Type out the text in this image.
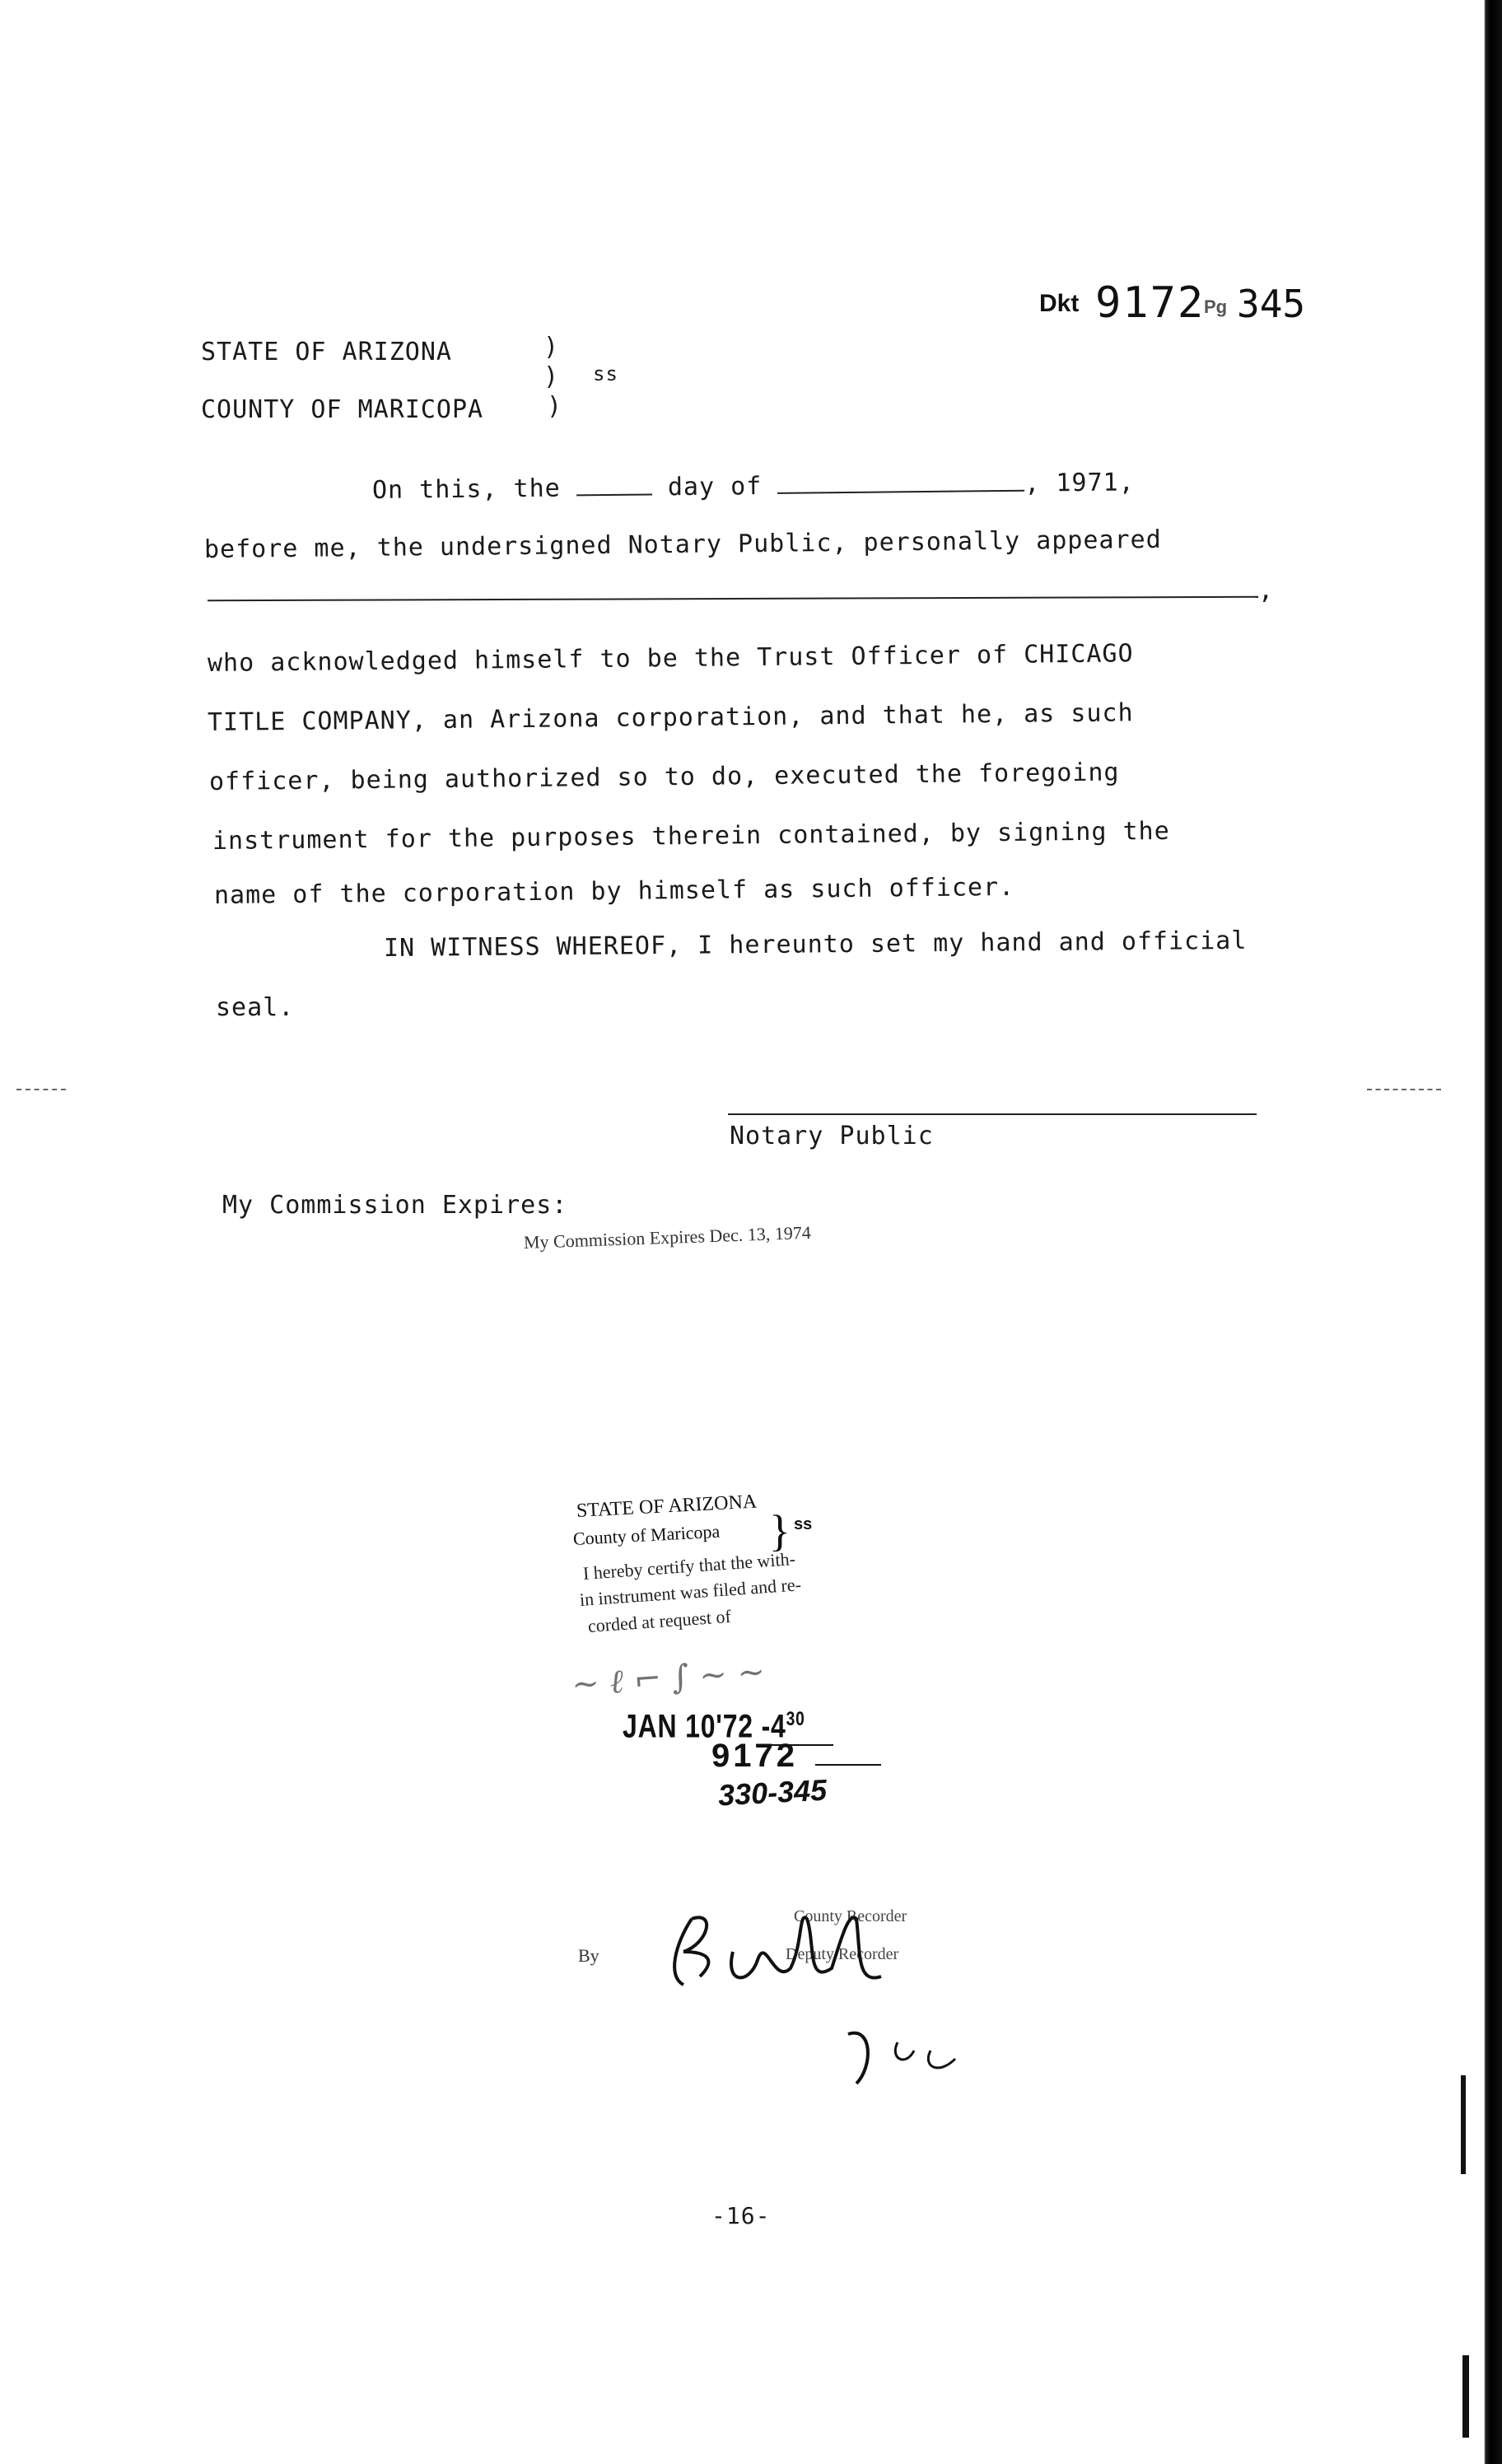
Dkt 9172
Pg 345
STATE OF ARIZONA	)
) ss
COUNTY OF MARICOPA	)
On this, the	day of	, 1971,
before me, the undersigned Notary Public, personally appeared
,
who acknowledged himself to be the Trust Officer of CHICAGO
TITLE COMPANY, an Arizona corporation, and that he, as such
officer, being authorized so to do, executed the foregoing
instrument for the purposes therein contained, by signing the
name of the corporation by himself as such officer.
IN WITNESS WHEREOF, I hereunto set my hand and official
seal.
Notary Public
My Commission Expires:
My Commission Expires Dec. 13, 1974
STATE OF ARIZONA
County of Maricopa } ss
I hereby certify that the with-
in instrument was filed and re-
corded at request of
~ ℓ ⌐ ∫ ~ ~
JAN 10'72 $-4^{30}$
9172
330-345
County Recorder
By	Deputy Recorder
-16-
